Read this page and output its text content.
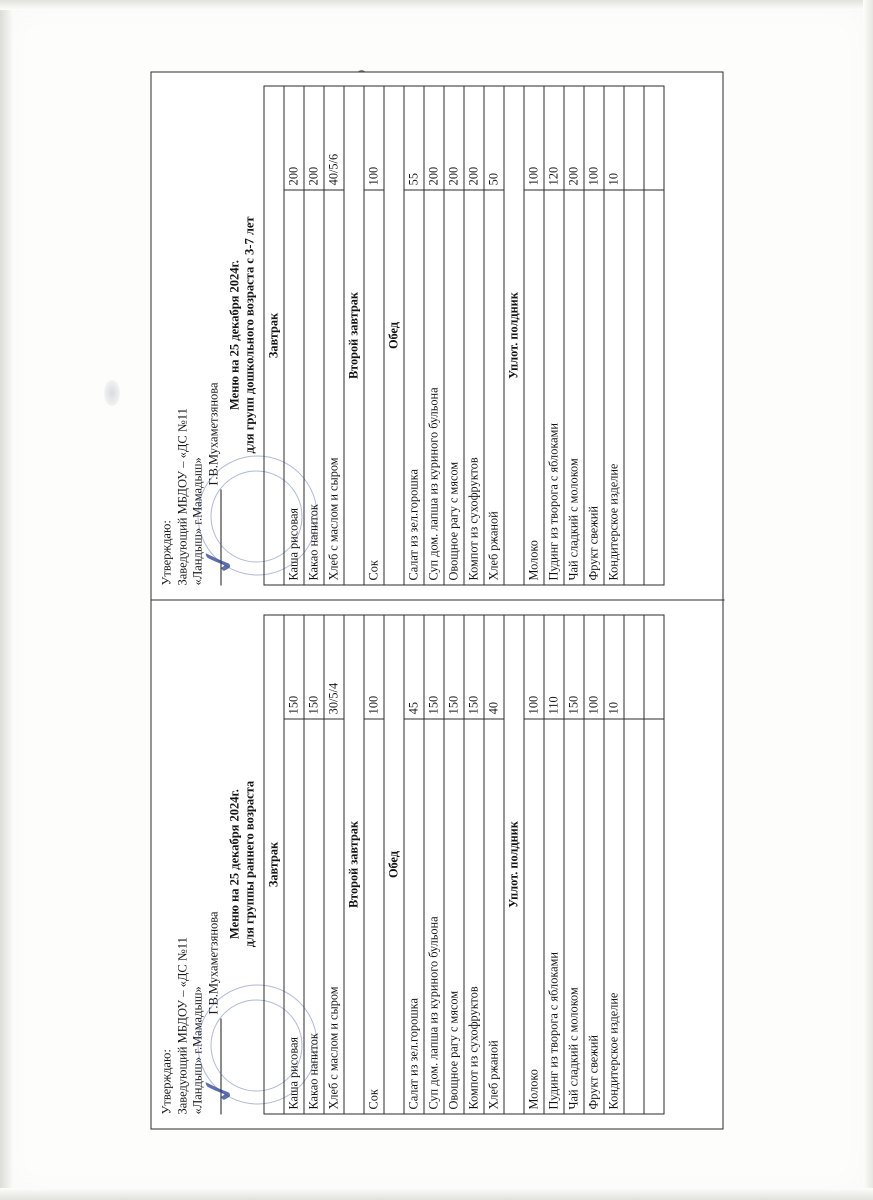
Утверждаю: Заведующий МБДОУ – «ДС №11 «Ландыш» г.Мамадыш»
Г.В.Мухаметзянова
✓
Меню на 25 декабря 2024г. для группы раннего возраста Завтрак	
Каша рисовая	150
Какао напиток	150
Хлеб с маслом и сыром	30/5/4
Второй завтрак	
Сок	100
Обед	
Салат из зел.горошка	45
Суп дом. лапша из куриного бульона	150
Овощное рагу с мясом	150
Компот из сухофруктов	150
Хлеб ржаной	40
Уплот. полдник	
Молоко	100
Пудинг из творога с яблоками	110
Чай сладкий с молоком	150
Фрукт свежий	100
Кондитерское изделие	10

Утверждаю: Заведующий МБДОУ – «ДС №11 «Ландыш» г.Мамадыш»
Г.В.Мухаметзянова
✓
Меню на 25 декабря 2024г. для групп дошкольного возраста с 3-7 лет Завтрак	
Каша рисовая	200
Какао напиток	200
Хлеб с маслом и сыром	40/5/6
Второй завтрак	
Сок	100
Обед	
Салат из зел.горошка	55
Суп дом. лапша из куриного бульона	200
Овощное рагу с мясом	200
Компот из сухофруктов	200
Хлеб ржаной	50
Уплот. полдник	
Молоко	100
Пудинг из творога с яблоками	120
Чай сладкий с молоком	200
Фрукт свежий	100
Кондитерское изделие	10
